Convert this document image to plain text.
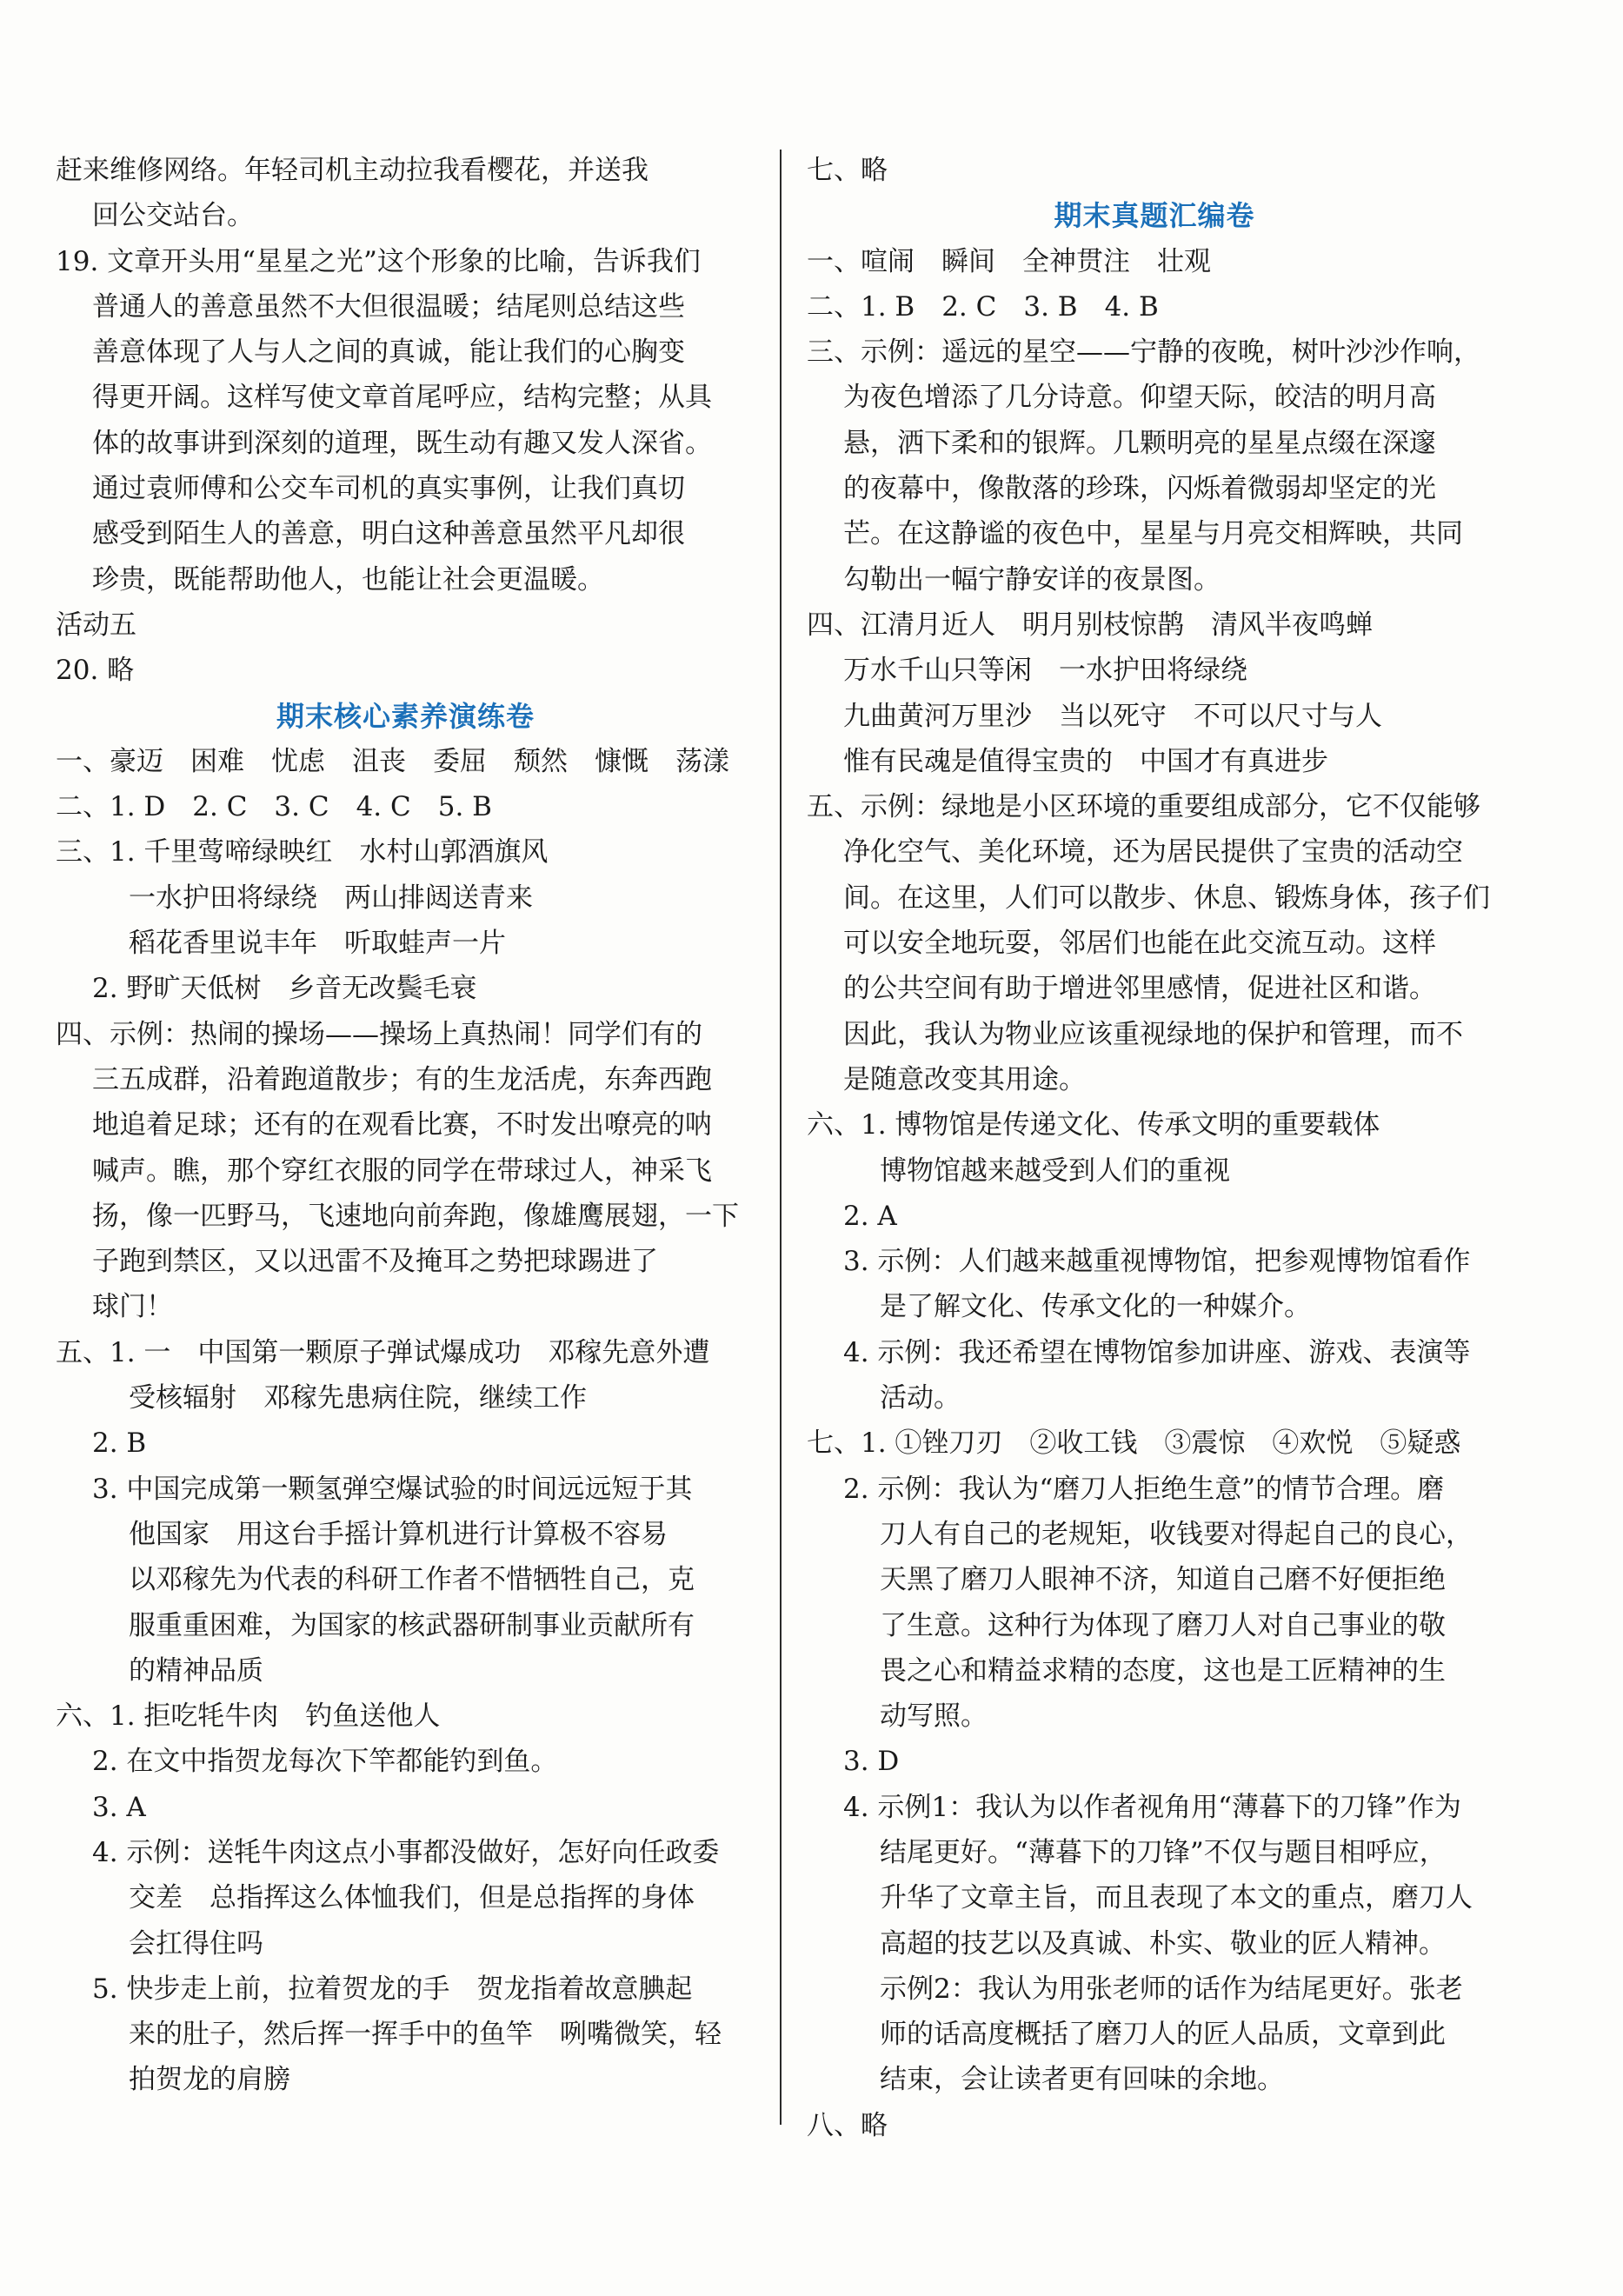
赶来维修网络。年轻司机主动拉我看樱花，并送我
回公交站台。
19. 文章开头用“星星之光”这个形象的比喻，告诉我们
普通人的善意虽然不大但很温暖；结尾则总结这些
善意体现了人与人之间的真诚，能让我们的心胸变
得更开阔。这样写使文章首尾呼应，结构完整；从具
体的故事讲到深刻的道理，既生动有趣又发人深省。
通过袁师傅和公交车司机的真实事例，让我们真切
感受到陌生人的善意，明白这种善意虽然平凡却很
珍贵，既能帮助他人，也能让社会更温暖。
活动五
20. 略
期末核心素养演练卷
一、豪迈　困难　忧虑　沮丧　委屈　颓然　慷慨　荡漾
二、1. D　2. C　3. C　4. C　5. B
三、1. 千里莺啼绿映红　水村山郭酒旗风
一水护田将绿绕　两山排闼送青来
稻花香里说丰年　听取蛙声一片
2. 野旷天低树　乡音无改鬓毛衰
四、示例：热闹的操场——操场上真热闹！同学们有的
三五成群，沿着跑道散步；有的生龙活虎，东奔西跑
地追着足球；还有的在观看比赛，不时发出嘹亮的呐
喊声。瞧，那个穿红衣服的同学在带球过人，神采飞
扬，像一匹野马，飞速地向前奔跑，像雄鹰展翅，一下
子跑到禁区，又以迅雷不及掩耳之势把球踢进了
球门！
五、1. 一　中国第一颗原子弹试爆成功　邓稼先意外遭
受核辐射　邓稼先患病住院，继续工作
2. B
3. 中国完成第一颗氢弹空爆试验的时间远远短于其
他国家　用这台手摇计算机进行计算极不容易
以邓稼先为代表的科研工作者不惜牺牲自己，克
服重重困难，为国家的核武器研制事业贡献所有
的精神品质
六、1. 拒吃牦牛肉　钓鱼送他人
2. 在文中指贺龙每次下竿都能钓到鱼。
3. A
4. 示例：送牦牛肉这点小事都没做好，怎好向任政委
交差　总指挥这么体恤我们，但是总指挥的身体
会扛得住吗
5. 快步走上前，拉着贺龙的手　贺龙指着故意腆起
来的肚子，然后挥一挥手中的鱼竿　咧嘴微笑，轻
拍贺龙的肩膀
七、略
期末真题汇编卷
一、喧闹　瞬间　全神贯注　壮观
二、1. B　2. C　3. B　4. B
三、示例：遥远的星空——宁静的夜晚，树叶沙沙作响，
为夜色增添了几分诗意。仰望天际，皎洁的明月高
悬，洒下柔和的银辉。几颗明亮的星星点缀在深邃
的夜幕中，像散落的珍珠，闪烁着微弱却坚定的光
芒。在这静谧的夜色中，星星与月亮交相辉映，共同
勾勒出一幅宁静安详的夜景图。
四、江清月近人　明月别枝惊鹊　清风半夜鸣蝉
万水千山只等闲　一水护田将绿绕
九曲黄河万里沙　当以死守　不可以尺寸与人
惟有民魂是值得宝贵的　中国才有真进步
五、示例：绿地是小区环境的重要组成部分，它不仅能够
净化空气、美化环境，还为居民提供了宝贵的活动空
间。在这里，人们可以散步、休息、锻炼身体，孩子们
可以安全地玩耍，邻居们也能在此交流互动。这样
的公共空间有助于增进邻里感情，促进社区和谐。
因此，我认为物业应该重视绿地的保护和管理，而不
是随意改变其用途。
六、1. 博物馆是传递文化、传承文明的重要载体
博物馆越来越受到人们的重视
2. A
3. 示例：人们越来越重视博物馆，把参观博物馆看作
是了解文化、传承文化的一种媒介。
4. 示例：我还希望在博物馆参加讲座、游戏、表演等
活动。
七、1. ①锉刀刃　②收工钱　③震惊　④欢悦　⑤疑惑
2. 示例：我认为“磨刀人拒绝生意”的情节合理。磨
刀人有自己的老规矩，收钱要对得起自己的良心，
天黑了磨刀人眼神不济，知道自己磨不好便拒绝
了生意。这种行为体现了磨刀人对自己事业的敬
畏之心和精益求精的态度，这也是工匠精神的生
动写照。
3. D
4. 示例1：我认为以作者视角用“薄暮下的刀锋”作为
结尾更好。“薄暮下的刀锋”不仅与题目相呼应，
升华了文章主旨，而且表现了本文的重点，磨刀人
高超的技艺以及真诚、朴实、敬业的匠人精神。
示例2：我认为用张老师的话作为结尾更好。张老
师的话高度概括了磨刀人的匠人品质，文章到此
结束，会让读者更有回味的余地。
八、略
